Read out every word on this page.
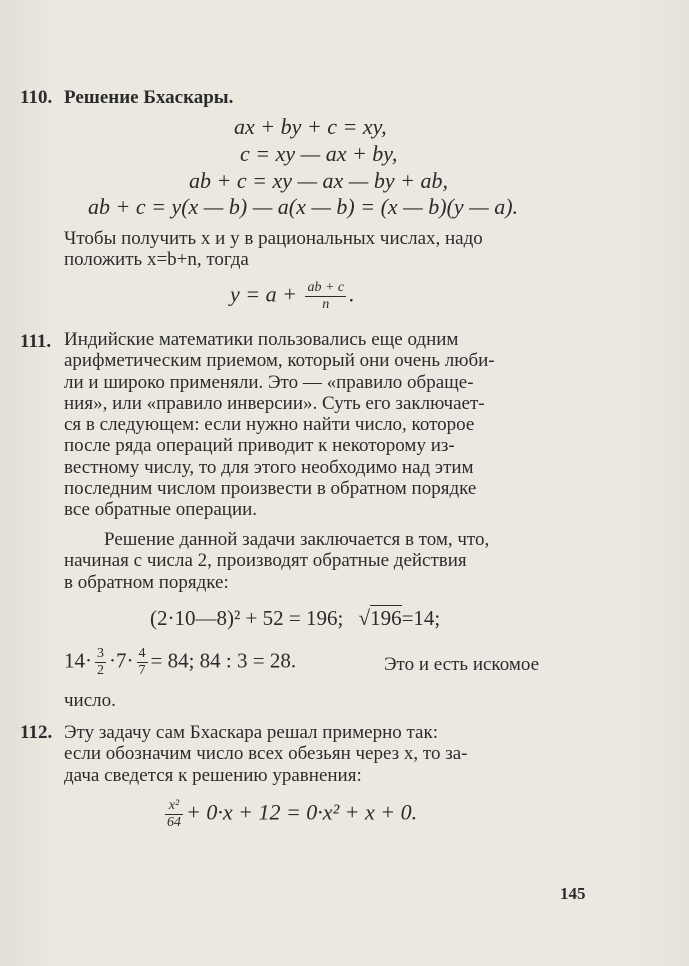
110. Решение Бхаскары.
ax + by + c = xy,
c = xy — ax + by,
ab + c = xy — ax — by + ab,
ab + c = y(x — b) — a(x — b) = (x — b)(y — a).
Чтобы получить x и y в рациональных числах, надо
положить x=b+n, тогда
$y = a + \frac{ab + c}{n}$ .
111. Индийские математики пользовались еще одним
арифметическим приемом, который они очень люби-
ли и широко применяли. Это — «правило обраще-
ния», или «правило инверсии». Суть его заключает-
ся в следующем: если нужно найти число, которое
после ряда операций приводит к некоторому из-
вестному числу, то для этого необходимо над этим
последним числом произвести в обратном порядке
все обратные операции.
Решение данной задачи заключается в том, что,
начиная с числа 2, производят обратные действия
в обратном порядке:
(2·10—8)² + 52 = 196; √196=14;
$14\cdot \frac{3}{2} \cdot 7\cdot \frac{4}{7} = 84$; 84 : 3 = 28.	Это и есть искомое
число.
112. Эту задачу сам Бхаскара решал примерно так:
если обозначим число всех обезьян через x, то за-
дача сведется к решению уравнения:
$\frac{\text{x²}}{64} + 0\cdot x + 12 = 0\cdot x^2 + x + 0$.
145
